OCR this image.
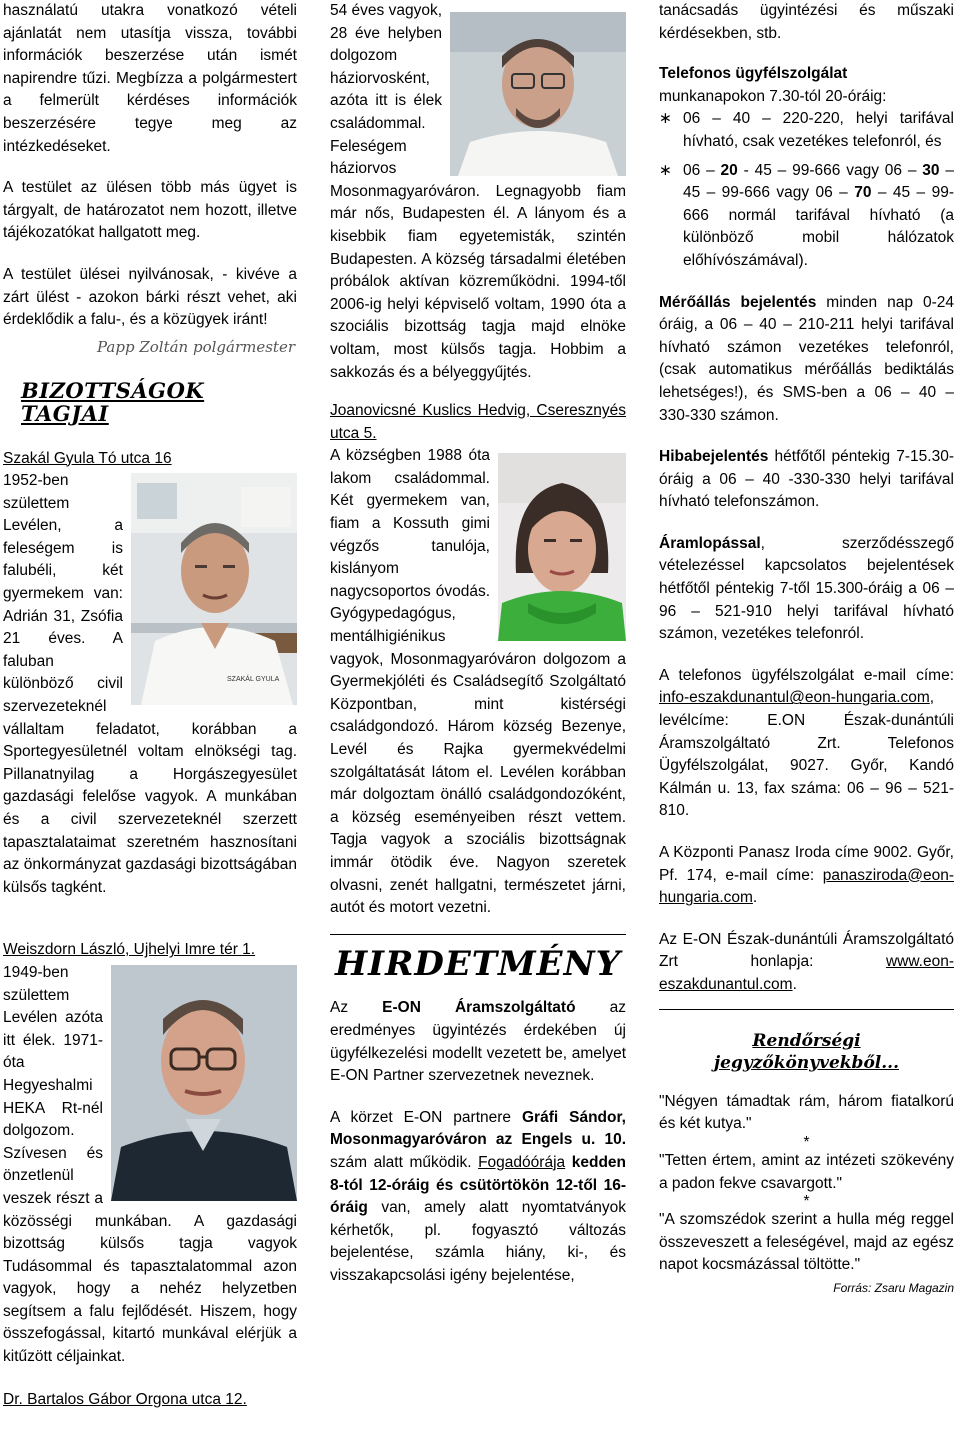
használatú utakra vonatkozó vételi ajánlatát nem utasítja vissza, további információk beszerzése után ismét napirendre tűzi. Megbízza a polgármestert a felmerült kérdéses információk beszerzésére tegye meg az intézkedéseket.

A testület az ülésen több más ügyet is tárgyalt, de határozatot nem hozott, illetve tájékozatókat hallgatott meg.

A testület ülései nyilvánosak, - kivéve a zárt ülést - azokon bárki részt vehet, aki érdeklődik a falu-, és a közügyek iránt!

Papp Zoltán polgármester
BIZOTTSÁGOK TAGJAI

Szakál Gyula Tó utca 16

SZAKÁL GYULA

1952-ben születtem Levélen, a feleségem is falubéli, két gyermekem van: Adrián 31, Zsófia 21 éves. A faluban különböző civil szervezeteknél vállaltam feladatot, korábban a Sportegyesületnél voltam elnökségi tag. Pillanatnyilag a Horgászegyesület gazdasági felelőse vagyok. A munkában és a civil szervezeteknél szerzett tapasztalataimat szeretném hasznosítani az önkormányzat gazdasági bizottságában külsős tagként.

Weiszdorn László, Ujhelyi Imre tér 1.

1949-ben születtem Levélen azóta itt élek. 1971-óta Hegyeshalmi HEKA Rt-nél dolgozom. Szívesen és önzetlenül veszek részt a közösségi munkában. A gazdasági bizottság külsős tagja vagyok Tudásommal és tapasztalatommal azon vagyok, hogy a nehéz helyzetben segítsem a falu fejlődését. Hiszem, hogy összefogással, kitartó munkával elérjük a kitűzött céljainkat.

Dr. Bartalos Gábor Orgona utca 12.

54 éves vagyok, 28 éve helyben dolgozom háziorvosként, azóta itt is élek családommal. Feleségem háziorvos Mosonmagyaróváron. Legnagyobb fiam már nős, Budapesten él. A lányom és a kisebbik fiam egyetemisták, szintén Budapesten. A község társadalmi életében próbálok aktívan közreműködni. 1994-től 2006-ig helyi képviselő voltam, 1990 óta a szociális bizottság tagja majd elnöke voltam, most külsős tagja. Hobbim a sakkozás és a bélyeggyűjtés.

Joanovicsné Kuslics Hedvig, Cseresznyés utca 5.

A községben 1988 óta lakom családommal. Két gyermekem van, fiam a Kossuth gimi végzős tanulója, kislányom nagycsoportos óvodás. Gyógypedagógus, mentálhigiénikus vagyok, Mosonmagyaróváron dolgozom a Gyermekjóléti és Családsegítő Szolgáltató Központban, mint kistérségi családgondozó. Három község Bezenye, Levél és Rajka gyermekvédelmi szolgáltatását látom el. Levélen korábban már dolgoztam önálló családgondozóként, a község eseményeiben részt vettem. Tagja vagyok a szociális bizottságnak immár ötödik éve. Nagyon szeretek olvasni, zenét hallgatni, természetet járni, autót és motort vezetni.

HIRDETMÉNY

Az E-ON Áramszolgáltató az eredményes ügyintézés érdekében új ügyfélkezelési modellt vezetett be, amelyet E-ON Partner szervezetnek neveznek.

A körzet E-ON partnere Gráfi Sándor, Mosonmagyaróváron az Engels u. 10. szám alatt működik. Fogadóórája kedden 8-tól 12-óráig és csütörtökön 12-től 16-óráig van, amely alatt nyomtatványok kérhetők, pl. fogyasztó változás bejelentése, számla hiány, ki-, és visszakapcsolási igény bejelentése,

tanácsadás ügyintézési és műszaki kérdésekben, stb.

Telefonos ügyfélszolgálat

munkanapokon 7.30-tól 20-óráig:

∗ 06 – 40 – 220-220, helyi tarifával hívható, csak vezetékes telefonról, és
∗ 06 – 20 - 45 – 99-666 vagy 06 – 30 – 45 – 99-666 vagy 06 – 70 – 45 – 99-666 normál tarifával hívható (a különböző mobil hálózatok előhívószámával).

Mérőállás bejelentés minden nap 0-24 óráig, a 06 – 40 – 210-211 helyi tarifával hívható számon vezetékes telefonról, (csak automatikus mérőállás bediktálás lehetséges!), és SMS-ben a 06 – 40 – 330-330 számon.

Hibabejelentés hétfőtől péntekig 7-15.30-óráig a 06 – 40 -330-330 helyi tarifával hívható telefonszámon.

Áramlopással, szerződésszegő vételezéssel kapcsolatos bejelentések hétfőtől péntekig 7-től 15.300-óráig a 06 – 96 – 521-910 helyi tarifával hívható számon, vezetékes telefonról.

A telefonos ügyfélszolgálat e-mail címe: info-eszakdunantul@eon-hungaria.com, levélcíme: E.ON Észak-dunántúli Áramszolgáltató Zrt. Telefonos Ügyfélszolgálat, 9027. Győr, Kandó Kálmán u. 13, fax száma: 06 – 96 – 521-810.

A Központi Panasz Iroda címe 9002. Győr, Pf. 174, e-mail címe: panasziroda@eon-hungaria.com.

Az E-ON Észak-dunántúli Áramszolgáltató Zrt honlapja: www.eon-eszakdunantul.com.

Rendőrségi jegyzőkönyvekből...

"Négyen támadtak rám, három fiatalkorú és két kutya."

*

"Tetten értem, amint az intézeti szökevény a padon fekve csavargott."

*

"A szomszédok szerint a hulla még reggel összeveszett a feleségével, majd az egész napot kocsmázással töltötte."

Forrás: Zsaru Magazin
